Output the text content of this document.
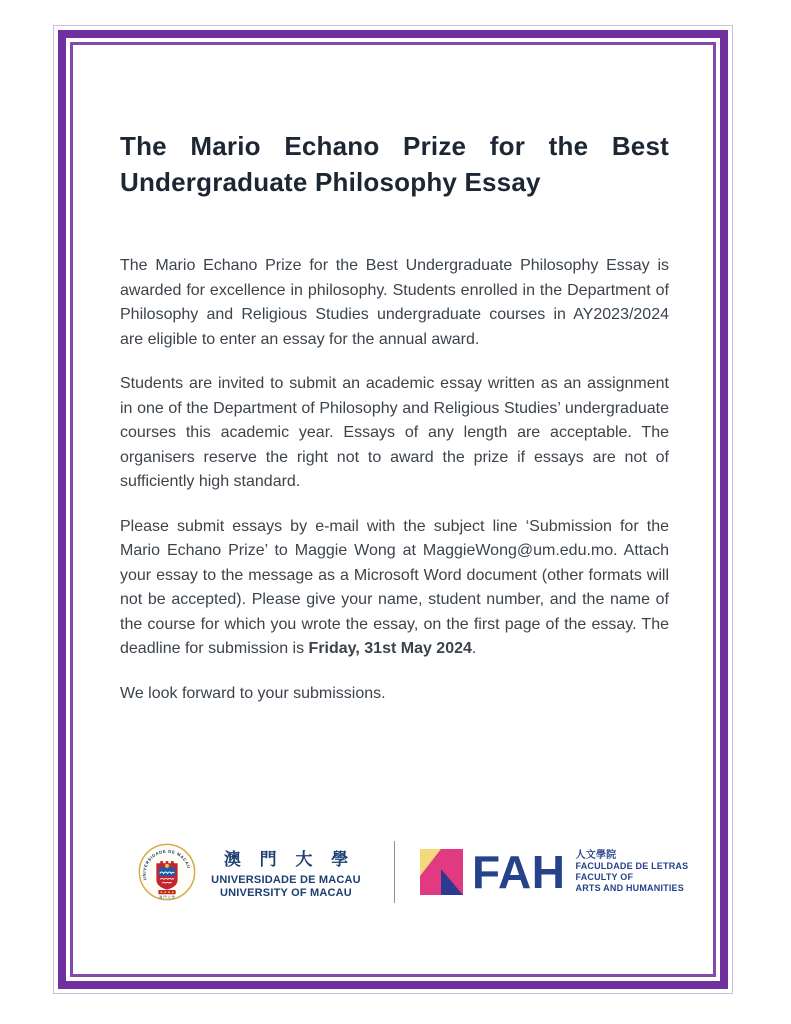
The Mario Echano Prize for the Best Undergraduate Philosophy Essay

The Mario Echano Prize for the Best Undergraduate Philosophy Essay is awarded for excellence in philosophy. Students enrolled in the Department of Philosophy and Religious Studies undergraduate courses in AY2023/2024 are eligible to enter an essay for the annual award.

Students are invited to submit an academic essay written as an assignment in one of the Department of Philosophy and Religious Studies’ undergraduate courses this academic year. Essays of any length are acceptable. The organisers reserve the right not to award the prize if essays are not of sufficiently high standard.

Please submit essays by e-mail with the subject line ‘Submission for the Mario Echano Prize’ to Maggie Wong at MaggieWong@um.edu.mo. Attach your essay to the message as a Microsoft Word document (other formats will not be accepted). Please give your name, student number, and the name of the course for which you wrote the essay, on the first page of the essay. The deadline for submission is Friday, 31st May 2024.

We look forward to your submissions.

UNIVERSIDADE DE MACAU
澳 門 大 學
澳 門 大 學
UNIVERSIDADE DE MACAU
UNIVERSITY OF MACAU	FAH 人文學院
FACULDADE DE LETRAS
FACULTY OF
ARTS AND HUMANITIES
